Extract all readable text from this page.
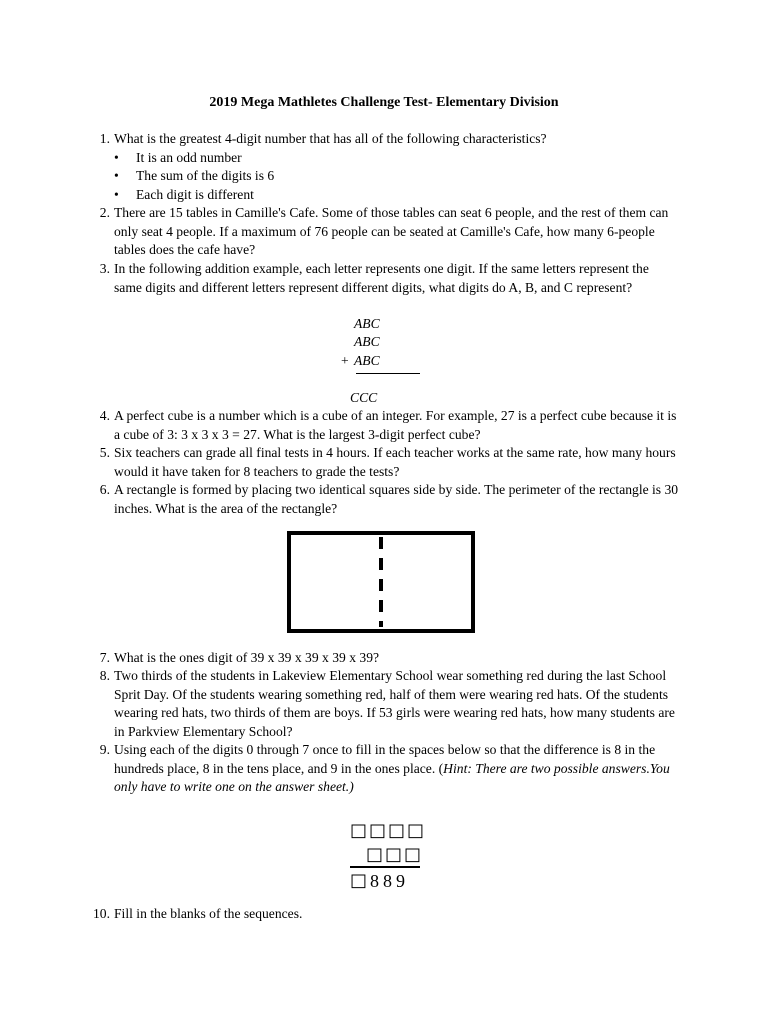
2019 Mega Mathletes Challenge Test- Elementary Division
1. What is the greatest 4-digit number that has all of the following characteristics?
• It is an odd number
• The sum of the digits is 6
• Each digit is different
2. There are 15 tables in Camille's Cafe. Some of those tables can seat 6 people, and the rest of them can only seat 4 people. If a maximum of 76 people can be seated at Camille's Cafe, how many 6-people tables does the cafe have?
3. In the following addition example, each letter represents one digit. If the same letters represent the same digits and different letters represent different digits, what digits do A, B, and C represent?
ABC
ABC
+ ABC
CCC
4. A perfect cube is a number which is a cube of an integer. For example, 27 is a perfect cube because it is a cube of 3: 3 x 3 x 3 = 27. What is the largest 3-digit perfect cube?
5. Six teachers can grade all final tests in 4 hours. If each teacher works at the same rate, how many hours would it have taken for 8 teachers to grade the tests?
6. A rectangle is formed by placing two identical squares side by side. The perimeter of the rectangle is 30 inches. What is the area of the rectangle?
7. What is the ones digit of 39 x 39 x 39 x 39 x 39?
8. Two thirds of the students in Lakeview Elementary School wear something red during the last School Sprit Day. Of the students wearing something red, half of them were wearing red hats. Of the students wearing red hats, two thirds of them are boys. If 53 girls were wearing red hats, how many students are in Parkview Elementary School?
9. Using each of the digits 0 through 7 once to fill in the spaces below so that the difference is 8 in the hundreds place, 8 in the tens place, and 9 in the ones place. (Hint: There are two possible answers.You only have to write one on the answer sheet.)
□□□□
□□□
□ 889
10. Fill in the blanks of the sequences.
